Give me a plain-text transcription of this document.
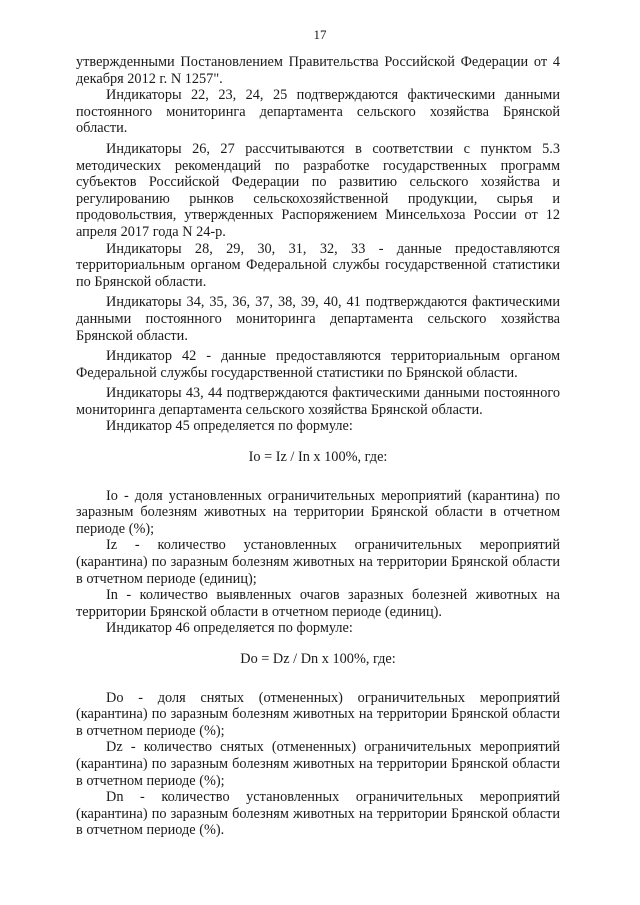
17

утвержденными Постановлением Правительства Российской Федерации от 4 декабря 2012 г. N 1257".

Индикаторы 22, 23, 24, 25 подтверждаются фактическими данными постоянного мониторинга департамента сельского хозяйства Брянской области.

Индикаторы 26, 27 рассчитываются в соответствии с пунктом 5.3 методических рекомендаций по разработке государственных программ субъектов Российской Федерации по развитию сельского хозяйства и регулированию рынков сельскохозяйственной продукции, сырья и продовольствия, утвержденных Распоряжением Минсельхоза России от 12 апреля 2017 года N 24-р.

Индикаторы 28, 29, 30, 31, 32, 33 - данные предоставляются территориальным органом Федеральной службы государственной статистики по Брянской области.

Индикаторы 34, 35, 36, 37, 38, 39, 40, 41 подтверждаются фактическими данными постоянного мониторинга департамента сельского хозяйства Брянской области.

Индикатор 42 - данные предоставляются территориальным органом Федеральной службы государственной статистики по Брянской области.

Индикаторы 43, 44 подтверждаются фактическими данными постоянного мониторинга департамента сельского хозяйства Брянской области.

Индикатор 45 определяется по формуле:

Io = Iz / In x 100%, где:

Io - доля установленных ограничительных мероприятий (карантина) по заразным болезням животных на территории Брянской области в отчетном периоде (%);

Iz - количество установленных ограничительных мероприятий (карантина) по заразным болезням животных на территории Брянской области в отчетном периоде (единиц);

In - количество выявленных очагов заразных болезней животных на территории Брянской области в отчетном периоде (единиц).

Индикатор 46 определяется по формуле:

Do = Dz / Dn x 100%, где:

Do - доля снятых (отмененных) ограничительных мероприятий (карантина) по заразным болезням животных на территории Брянской области в отчетном периоде (%);

Dz - количество снятых (отмененных) ограничительных мероприятий (карантина) по заразным болезням животных на территории Брянской области в отчетном периоде (%);

Dn - количество установленных ограничительных мероприятий (карантина) по заразным болезням животных на территории Брянской области в отчетном периоде (%).
